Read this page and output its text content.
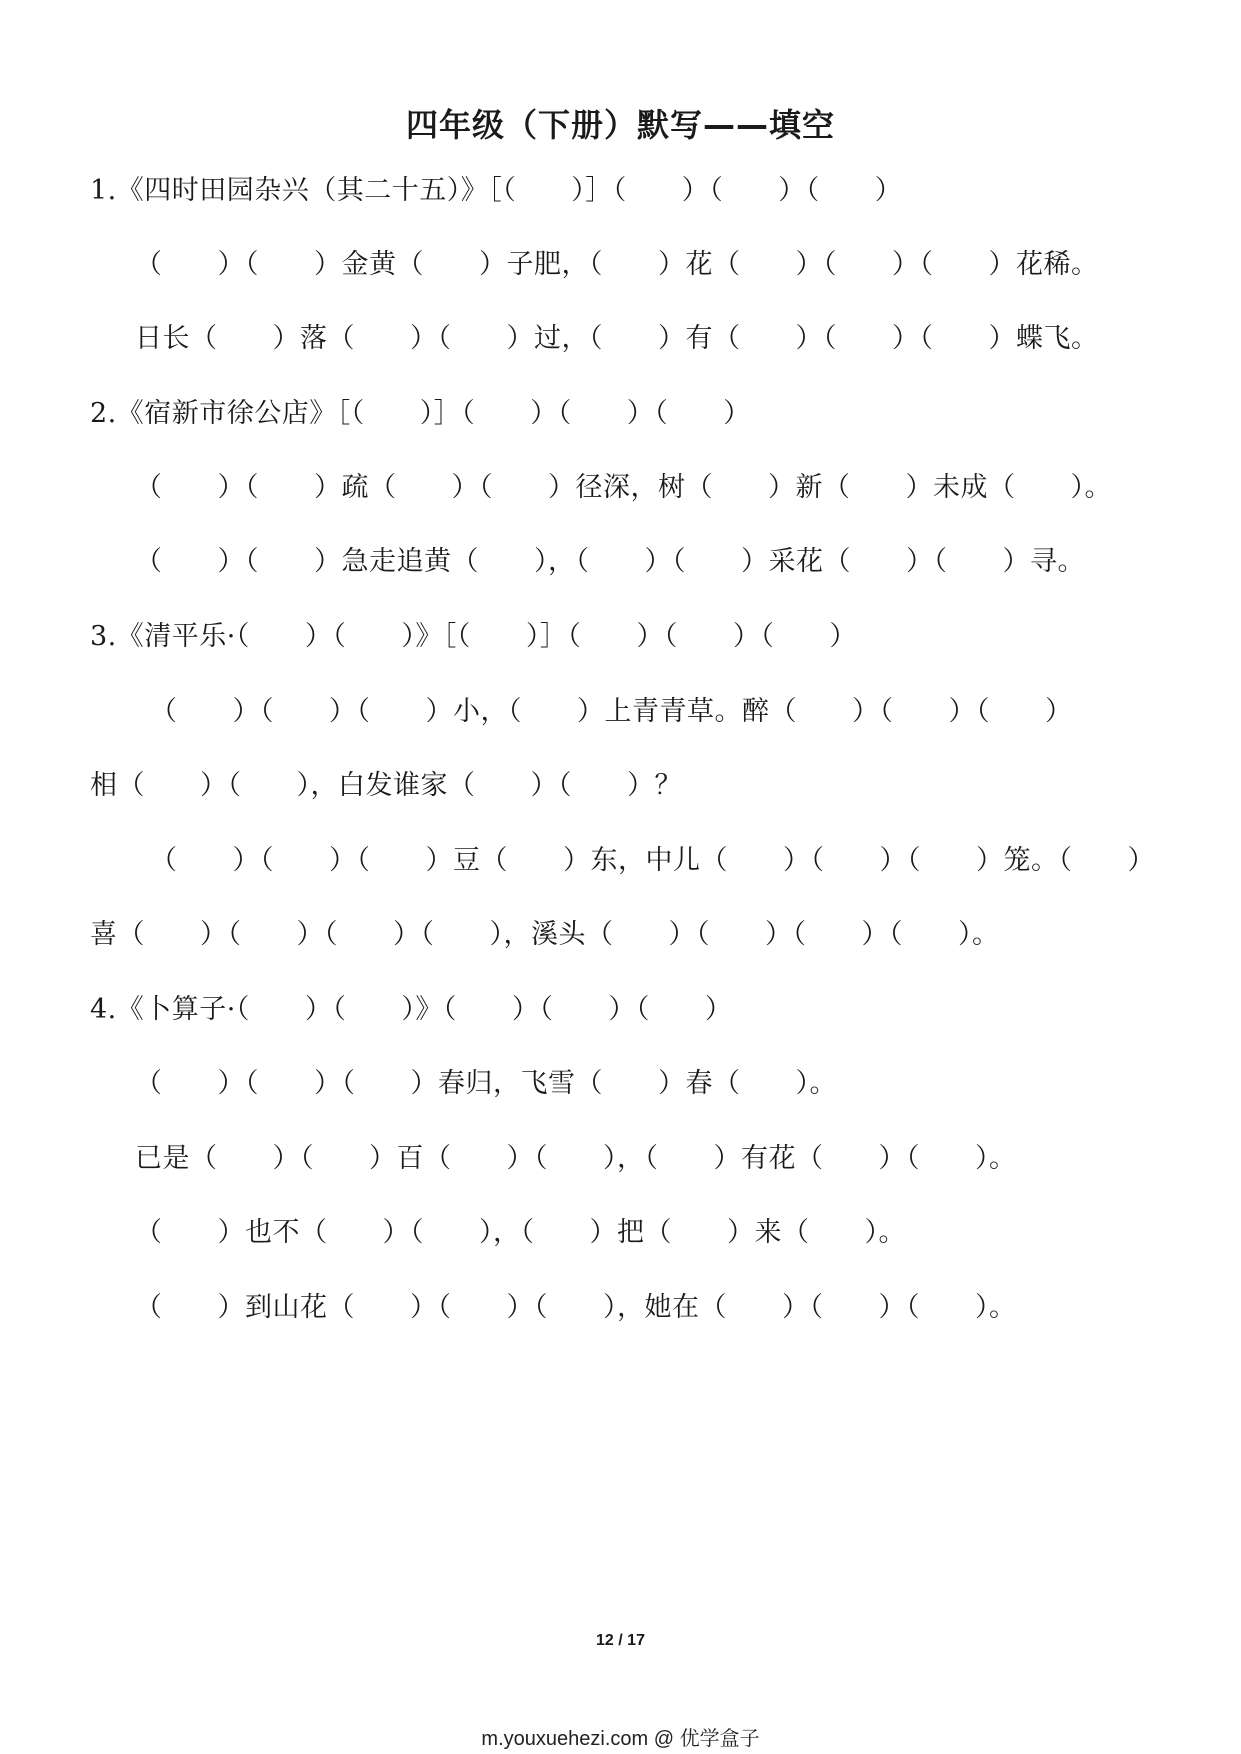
四年级（下册）默写——填空
1.《四时田园杂兴（其二十五）》［（　　）］（　　）（　　）（　　）
（　　）（　　）金黄（　　）子肥，（　　）花（　　）（　　）（　　）花稀。
日长（　　）落（　　）（　　）过，（　　）有（　　）（　　）（　　）蝶飞。
2.《宿新市徐公店》［（　　）］（　　）（　　）（　　）
（　　）（　　）疏（　　）（　　）径深，树（　　）新（　　）未成（　　）。
（　　）（　　）急走追黄（　　），（　　）（　　）采花（　　）（　　）寻。
3.《清平乐·（　　）（　　）》［（　　）］（　　）（　　）（　　）
（　　）（　　）（　　）小，（　　）上青青草。醉（　　）（　　）（　　）
相（　　）（　　），白发谁家（　　）（　　）？
（　　）（　　）（　　）豆（　　）东，中儿（　　）（　　）（　　）笼。（　　）
喜（　　）（　　）（　　）（　　），溪头（　　）（　　）（　　）（　　）。
4.《卜算子·（　　）（　　）》（　　）（　　）（　　）
（　　）（　　）（　　）春归，飞雪（　　）春（　　）。
已是（　　）（　　）百（　　）（　　），（　　）有花（　　）（　　）。
（　　）也不（　　）（　　），（　　）把（　　）来（　　）。
（　　）到山花（　　）（　　）（　　），她在（　　）（　　）（　　）。
12 / 17
m.youxuehezi.com @ 优学盒子
